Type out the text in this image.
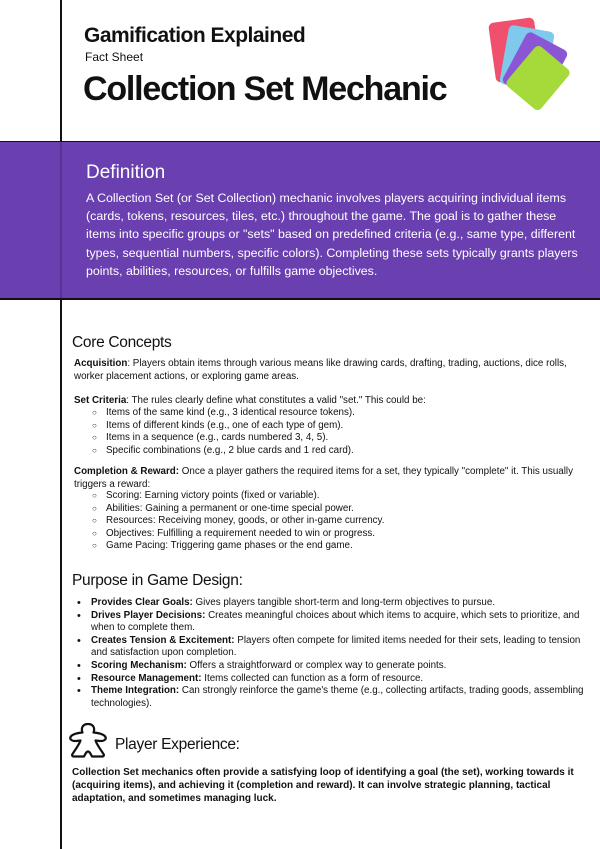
Gamification Explained
Fact Sheet
Collection Set Mechanic
Definition
A Collection Set (or Set Collection) mechanic involves players acquiring individual items (cards, tokens, resources, tiles, etc.) throughout the game. The goal is to gather these items into specific groups or "sets" based on predefined criteria (e.g., same type, different types, sequential numbers, specific colors). Completing these sets typically grants players points, abilities, resources, or fulfills game objectives.
Core Concepts
Acquisition: Players obtain items through various means like drawing cards, drafting, trading, auctions, dice rolls, worker placement actions, or exploring game areas.
Set Criteria: The rules clearly define what constitutes a valid "set." This could be:
○ Items of the same kind (e.g., 3 identical resource tokens).
○ Items of different kinds (e.g., one of each type of gem).
○ Items in a sequence (e.g., cards numbered 3, 4, 5).
○ Specific combinations (e.g., 2 blue cards and 1 red card).
Completion & Reward: Once a player gathers the required items for a set, they typically "complete" it. This usually triggers a reward:
○ Scoring: Earning victory points (fixed or variable).
○ Abilities: Gaining a permanent or one-time special power.
○ Resources: Receiving money, goods, or other in-game currency.
○ Objectives: Fulfilling a requirement needed to win or progress.
○ Game Pacing: Triggering game phases or the end game.
Purpose in Game Design:
• Provides Clear Goals: Gives players tangible short-term and long-term objectives to pursue.
• Drives Player Decisions: Creates meaningful choices about which items to acquire, which sets to prioritize, and when to complete them.
• Creates Tension & Excitement: Players often compete for limited items needed for their sets, leading to tension and satisfaction upon completion.
• Scoring Mechanism: Offers a straightforward or complex way to generate points.
• Resource Management: Items collected can function as a form of resource.
• Theme Integration: Can strongly reinforce the game's theme (e.g., collecting artifacts, trading goods, assembling technologies).
Player Experience:
Collection Set mechanics often provide a satisfying loop of identifying a goal (the set), working towards it (acquiring items), and achieving it (completion and reward). It can involve strategic planning, tactical adaptation, and sometimes managing luck.
